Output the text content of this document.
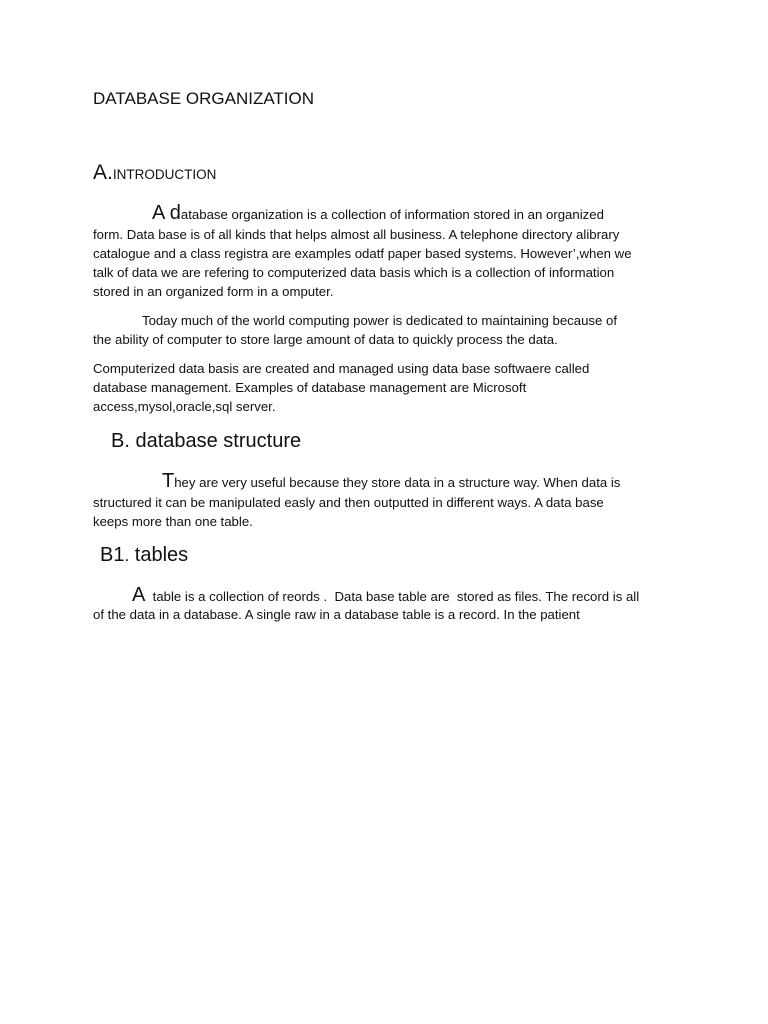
DATABASE ORGANIZATION
A.INTRODUCTION
A database organization is a collection of information stored in an organized
form. Data base is of all kinds that helps almost all business. A telephone directory alibrary
catalogue and a class registra are examples odatf paper based systems. However’,when we
talk of data we are refering to computerized data basis which is a collection of information
stored in an organized form in a omputer.
Today much of the world computing power is dedicated to maintaining because of
the ability of computer to store large amount of data to quickly process the data.
Computerized data basis are created and managed using data base softwaere called
database management. Examples of database management are Microsoft
access,mysol,oracle,sql server.
B. database structure
They are very useful because they store data in a structure way. When data is
structured it can be manipulated easly and then outputted in different ways. A data base
keeps more than one table.
B1. tables
A  table is a collection of reords .  Data base table are  stored as files. The record is all
of the data in a database. A single raw in a database table is a record. In the patient
